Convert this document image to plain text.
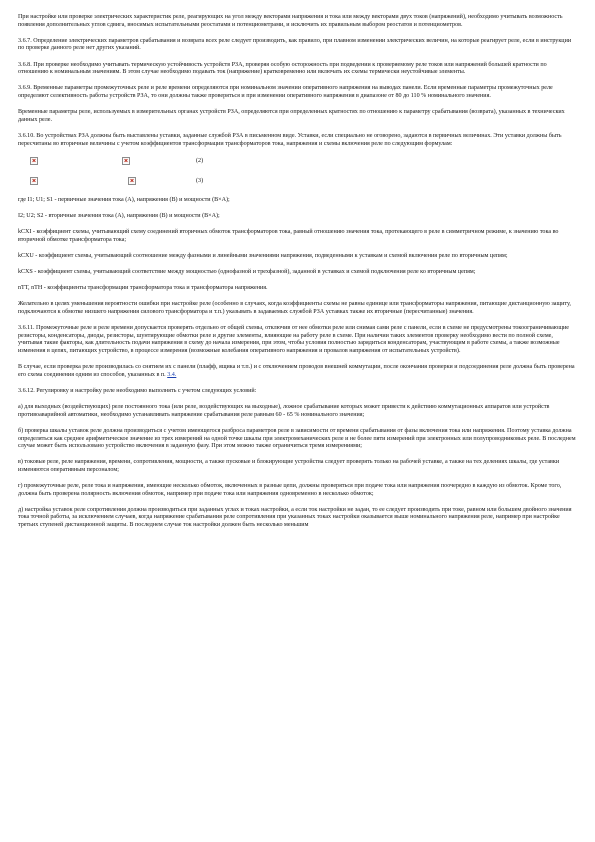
При настройке или проверке электрических характеристик реле, реагирующих на угол между векторами напряжения и тока или между векторами двух токов (напряжений), необходимо учитывать возможность появления дополнительных углов сдвига, вносимых испытательными реостатами и потенциометрами, и исключить их правильным выбором реостатов и потенциометров.

3.6.7. Определение электрических параметров срабатывания и возврата всех реле следует производить, как правило, при плавном изменении электрических величин, на которые реагирует реле, если в инструкции по проверке данного реле нет других указаний.

3.6.8. При проверке необходимо учитывать термическую устойчивость устройств РЗА, проверяя особую осторожность при подведении к проверяемому реле токов или напряжений большей кратности по отношению к номинальным значениям. В этом случае необходимо подавать ток (напряжение) кратковременно или включать их схемы термически неустойчивые элементы.

3.6.9. Временные параметры промежуточных реле и реле времени определяются при номинальном значении оперативного напряжения на выводах панели. Если временные параметры промежуточных реле определяют селективность работы устройств РЗА, то они должны также проверяться и при изменении оперативного напряжения в диапазоне от 80 до 110 % номинального значения.

Временные параметры реле, используемых в измерительных органах устройств РЗА, определяются при определенных кратностях по отношению к параметру срабатывания (возврата), указанных в технических данных реле.

3.6.10. Во устройствах РЗА должны быть выставлены уставки, заданные службой РЗА в письменном виде. Уставки, если специально не оговорено, задаются в первичных величинах. Эти уставки должны быть пересчитаны во вторичные величины с учетом коэффициентов трансформации трансформаторов тока, напряжения и схемы включения реле по следующим формулам:

(2)
(3)

где I1; U1; S1 - первичные значения тока (А), напряжения (В) и мощности (В×А);

I2; U2; S2 - вторичные значения тока (А), напряжения (В) и мощности (В×А);

kСХI - коэффициент схемы, учитывающий схему соединений вторичных обмоток трансформаторов тока, равный отношению значения тока, протекающего в реле в симметричном режиме, к значению тока во вторичной обмотке трансформатора тока;

kСХU - коэффициент схемы, учитывающий соотношение между фазными и линейными значениями напряжения, подведенными к уставкам и схемой включения реле по вторичным цепям;

kСХS - коэффициент схемы, учитывающий соответствие между мощностью (однофазной и трехфазной), заданной в уставках и схемой подключения реле ко вторичным цепям;

nTT, nTH - коэффициенты трансформации трансформатора тока и трансформатора напряжения.

Желательно в целях уменьшения вероятности ошибки при настройке реле (особенно в случаях, когда коэффициенты схемы не равны единице или трансформаторы напряжения, питающие дистанционную защиту, подключаются к обмотке низшего напряжения силового трансформатора и т.п.) указывать в задаваемых службой РЗА уставках также их вторичные (пересчитанные) значения.

3.6.11. Промежуточные реле и реле времени допускается проверять отдельно от общей схемы, отключив от нее обмотки реле или снимая сами реле с панели, если в схеме не предусмотрены токоограничивающие резисторы, конденсаторы, диоды, резисторы, шунтирующие обмотки реле и другие элементы, влияющие на работу реле в схеме. При наличии таких элементов проверку необходимо вести по полной схеме, учитывая такие факторы, как длительность подачи напряжения в схему до начала измерения, при этом, чтобы условия полностью зарядиться конденсаторам, участвующим в работе схемы, а также возможные изменения в цепях, питающих устройство, в процессе измерения (возможные колебания оперативного напряжения и провалов напряжения от испытательных устройств).

В случае, если проверка реле производилась со снятием их с панели (плафф, ящика и т.п.) и с отключением проводов внешней коммутации, после окончания проверки и подсоединения реле должна быть проверена его схема соединения одним из способов, указанных в п. 3.4.

3.6.12. Регулировку и настройку реле необходимо выполнять с учетом следующих условий:

а) для выходных (воздействующих) реле постоянного тока (или реле, воздействующих на выходные), ложное срабатывание которых может привести к действию коммутационных аппаратов или устройств противоаварийной автоматики, необходимо устанавливать напряжение срабатывания реле равным 60 - 65 % номинального значения;

б) проверка шкалы уставок реле должна производиться с учетом имеющегося разброса параметров реле в зависимости от времени срабатывания от фазы включения тока или напряжения. Поэтому уставка должна определяться как среднее арифметическое значение из трех измерений на одной точке шкалы при электромеханических реле и не более пяти измерений при электронных или полупроводниковых реле. В последнем случае может быть использовано устройство включения в заданную фазу. При этом можно также ограничиться тремя измерениями;

в) токовые реле, реле напряжения, времени, сопротивления, мощности, а также пусковые и блокирующие устройства следует проверять только на рабочей уставке, а также на тех делениях шкалы, где уставки изменяются оперативным персоналом;

г) промежуточные реле, реле тока и напряжения, имеющие несколько обмоток, включенных в разные цепи, должны проверяться при подаче тока или напряжения поочередно в каждую из обмоток. Кроме того, должна быть проверена полярность включения обмоток, например при подаче тока или напряжения одновременно в несколько обмоток;

д) настройка уставок реле сопротивления должна производиться при заданных углах и токах настройки, а если ток настройки не задан, то ее следует производить при токе, равном или большем двойного значения тока точной работы, за исключением случаев, когда напряжение срабатывания реле сопротивления при указанных токах настройки оказывается выше номинального напряжения реле, например при настройке третьих ступеней дистанционной защиты. В последнем случае ток настройки должен быть несколько меньшим
